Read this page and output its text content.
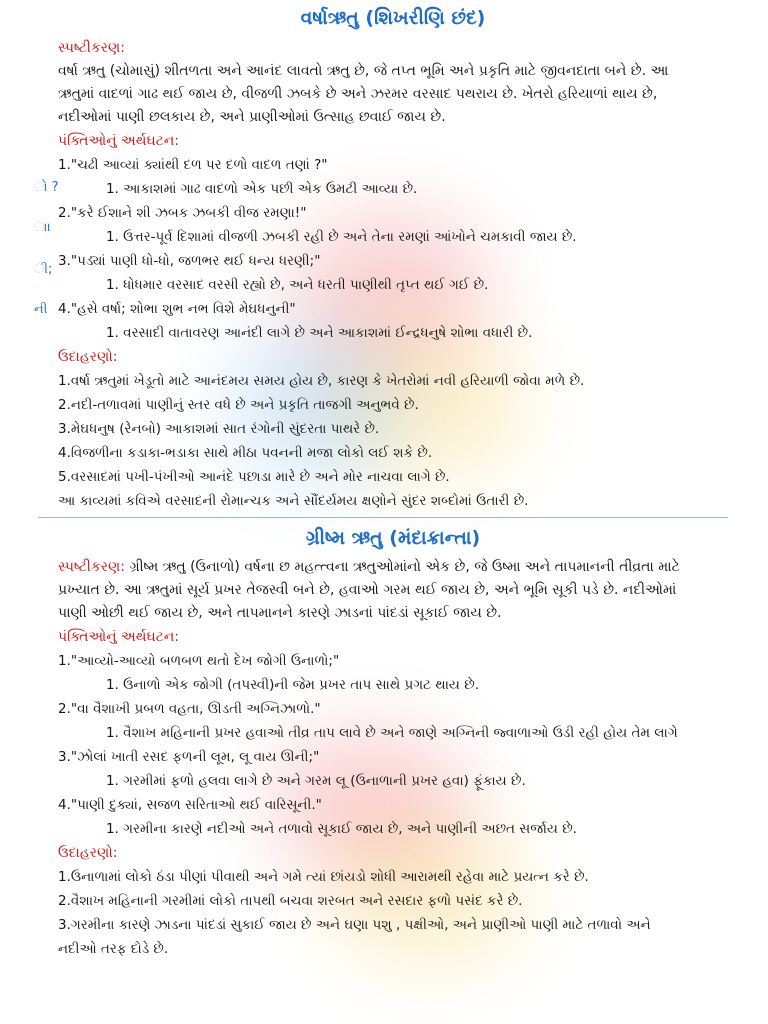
ો ?
ાા
ી;
ની
વર્ષાઋતુ (શિખરીણિ છંદ)

સ્પષ્ટીકરણ:

વર્ષા ઋતુ (ચોમાસું) શીતળતા અને આનંદ લાવતો ઋતુ છે, જે તપ્ત ભૂમિ અને પ્રકૃતિ માટે જીવનદાતા બને છે. આ

ઋતુમાં વાદળાં ગાઢ થઈ જાય છે, વીજળી ઝબકે છે અને ઝરમર વરસાદ પથરાય છે. ખેતરો હરિયાળાં થાય છે,

નદીઓમાં પાણી છલકાય છે, અને પ્રાણીઓમાં ઉત્સાહ છવાઈ જાય છે.

પંક્તિઓનું અર્થઘટન:

1."ચઢી આવ્યાં ક્યાંથી દળ પર દળો વાદળ તણાં ?"

1. આકાશમાં ગાઢ વાદળો એક પછી એક ઉમટી આવ્યા છે.

2."કરે ઈશાને શી ઝબક ઝબકી વીજ રમણા!"

1. ઉત્તર-પૂર્વ દિશામાં વીજળી ઝબકી રહી છે અને તેના રમણાં આંખોને ચમકાવી જાય છે.

3."પડ્યાં પાણી ધો-ધો, જળભર થઈ ધન્ય ધરણી;"

1. ધોધમાર વરસાદ વરસી રહ્યો છે, અને ધરતી પાણીથી તૃપ્ત થઈ ગઈ છે.

4."હસે વર્ષા; શોભા શુભ નભ વિશે મેઘધનુની"

1. વરસાદી વાતાવરણ આનંદી લાગે છે અને આકાશમાં ઈન્દ્રધનુષે શોભા વધારી છે.

ઉદાહરણો:

1.વર્ષા ઋતુમાં ખેડૂતો માટે આનંદમય સમય હોય છે, કારણ કે ખેતરોમાં નવી હરિયાળી જોવા મળે છે.

2.નદી-તળાવમાં પાણીનું સ્તર વધે છે અને પ્રકૃતિ તાજગી અનુભવે છે.

3.મેઘધનુષ (રેનબો) આકાશમાં સાત રંગોની સુંદરતા પાથરે છે.

4.વિજળીના કડાકા-ભડાકા સાથે મીઠા પવનની મજા લોકો લઈ શકે છે.

5.વરસાદમાં પખી-પંખીઓ આનંદે પછાડા મારે છે અને મોર નાચવા લાગે છે.

આ કાવ્યમાં કવિએ વરસાદની રોમાન્ચક અને સૌંદર્યમય ક્ષણોને સુંદર શબ્દોમાં ઉતારી છે.

ગ્રીષ્મ ઋતુ (મંદાક્રાન્તા)

સ્પષ્ટીકરણ: ગ્રીષ્મ ઋતુ (ઉનાળો) વર્ષના છ મહત્ત્વના ઋતુઓમાંનો એક છે, જે ઉષ્મા અને તાપમાનની તીવ્રતા માટે

પ્રખ્યાત છે. આ ઋતુમાં સૂર્ય પ્રખર તેજસ્વી બને છે, હવાઓ ગરમ થઈ જાય છે, અને ભૂમિ સૂકી પડે છે. નદીઓમાં

પાણી ઓછી થઈ જાય છે, અને તાપમાનને કારણે ઝાડનાં પાંદડાં સૂકાઈ જાય છે.

પંક્તિઓનું અર્થઘટન:

1."આવ્યો-આવ્યો બળબળ થતો દેખ જોગી ઉનાળો;"

1. ઉનાળો એક જોગી (તપસ્વી)ની જેમ પ્રખર તાપ સાથે પ્રગટ થાય છે.

2."વા વૈશાખી પ્રબળ વહતા, ઊડતી અગ્નિઝાળો."

1. વૈશાખ મહિનાની પ્રખર હવાઓ તીવ્ર તાપ લાવે છે અને જાણે અગ્નિની જ્વાળાઓ ઉડી રહી હોય તેમ લાગે

3."ઝોલાં ખાતી રસદ ફળની લૂમ, લૂ વાય ઊની;"

1. ગરમીમાં ફળો હલવા લાગે છે અને ગરમ લૂ (ઉનાળાની પ્રખર હવા) ફૂંકાય છે.

4."પાણી દુક્યાં, સજળ સરિતાઓ થઈ વારિસૂની."

1. ગરમીના કારણે નદીઓ અને તળાવો સૂકાઈ જાય છે, અને પાણીની અછત સર્જાય છે.

ઉદાહરણો:

1.ઉનાળામાં લોકો ઠંડા પીણાં પીવાથી અને ગમે ત્યાં છાંયડો શોધી આરામથી રહેવા માટે પ્રયત્ન કરે છે.

2.વૈશાખ મહિનાની ગરમીમાં લોકો તાપથી બચવા શરબત અને રસદાર ફળો પસંદ કરે છે.

3.ગરમીના કારણે ઝાડના પાંદડાં સુકાઈ જાય છે અને ઘણા પશુ , પક્ષીઓ, અને પ્રાણીઓ પાણી માટે તળાવો અને

નદીઓ તરફ દોડે છે.
